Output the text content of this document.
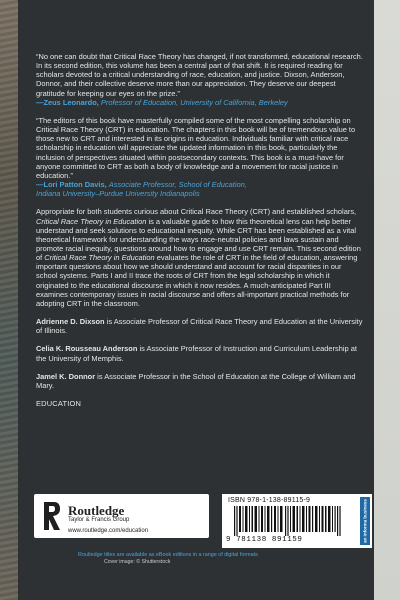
“No one can doubt that Critical Race Theory has changed, if not transformed, educational research. In its second edition, this volume has been a central part of that shift. It is required reading for scholars devoted to a critical understanding of race, education, and justice. Dixson, Anderson, Donnor, and their collective deserve more than our appreciation. They deserve our deepest gratitude for keeping our eyes on the prize.”

—Zeus Leonardo, Professor of Education, University of California, Berkeley

“The editors of this book have masterfully compiled some of the most compelling scholarship on Critical Race Theory (CRT) in education. The chapters in this book will be of tremendous value to those new to CRT and interested in its origins in education. Individuals familiar with critical race scholarship in education will appreciate the updated information in this book, particularly the inclusion of perspectives situated within postsecondary contexts. This book is a must-have for anyone committed to CRT as both a body of knowledge and a movement for racial justice in education.”

—Lori Patton Davis, Associate Professor, School of Education,
Indiana University–Purdue University Indianapolis

Appropriate for both students curious about Critical Race Theory (CRT) and established scholars, Critical Race Theory in Education is a valuable guide to how this theoretical lens can help better understand and seek solutions to educational inequity. While CRT has been established as a vital theoretical framework for understanding the ways race-neutral policies and laws sustain and promote racial inequity, questions around how to engage and use CRT remain. This second edition of Critical Race Theory in Education evaluates the role of CRT in the field of education, answering important questions about how we should understand and account for racial disparities in our school systems. Parts I and II trace the roots of CRT from the legal scholarship in which it originated to the educational discourse in which it now resides. A much-anticipated Part III examines contemporary issues in racial discourse and offers all-important practical methods for adopting CRT in the classroom.

Adrienne D. Dixson is Associate Professor of Critical Race Theory and Education at the University of Illinois.

Celia K. Rousseau Anderson is Associate Professor of Instruction and Curriculum Leadership at the University of Memphis.

Jamel K. Donnor is Associate Professor in the School of Education at the College of William and Mary.

EDUCATION
Routledge
Taylor & Francis Group
www.routledge.com/education
ISBN 978-1-138-89115-9
9 781138 891159	an informa business
Routledge titles are available as eBook editions in a range of digital formats
Cover image: © Shutterstock
